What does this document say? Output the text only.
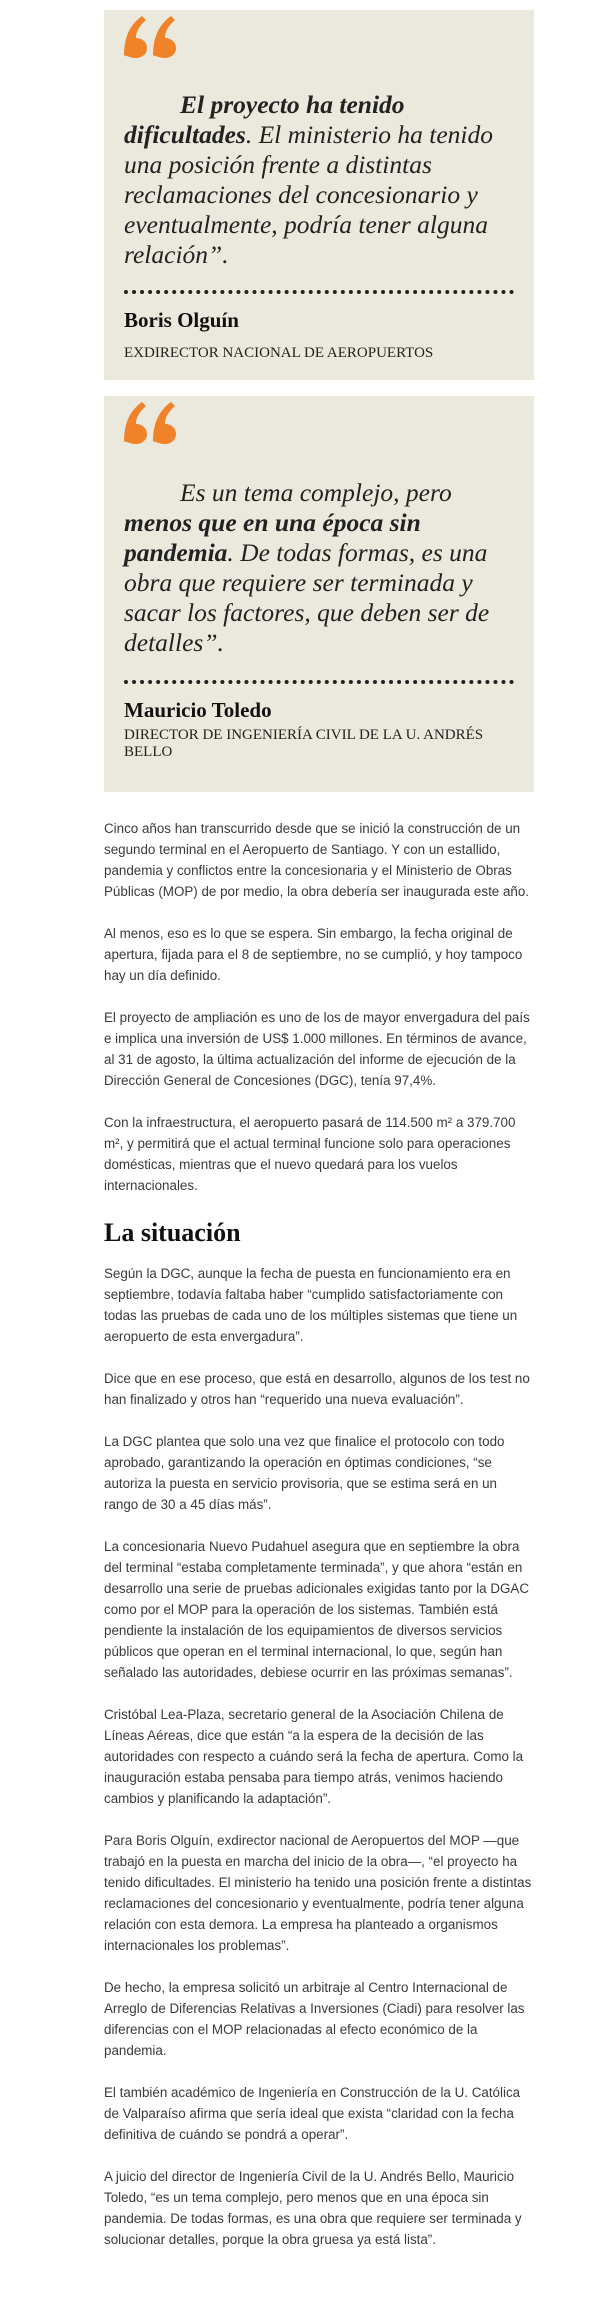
El proyecto ha tenido dificultades. El ministerio ha tenido una posición frente a distintas reclamaciones del concesionario y eventualmente, podría tener alguna relación”.

Boris Olguín

EXDIRECTOR NACIONAL DE AEROPUERTOS

Es un tema complejo, pero menos que en una época sin pandemia. De todas formas, es una obra que requiere ser terminada y sacar los factores, que deben ser de detalles”.

Mauricio Toledo

DIRECTOR DE INGENIERÍA CIVIL DE LA U. ANDRÉS BELLO

Cinco años han transcurrido desde que se inició la construcción de un segundo terminal en el Aeropuerto de Santiago. Y con un estallido, pandemia y conflictos entre la concesionaria y el Ministerio de Obras Públicas (MOP) de por medio, la obra debería ser inaugurada este año.

Al menos, eso es lo que se espera. Sin embargo, la fecha original de apertura, fijada para el 8 de septiembre, no se cumplió, y hoy tampoco hay un día definido.

El proyecto de ampliación es uno de los de mayor envergadura del país e implica una inversión de US$ 1.000 millones. En términos de avance, al 31 de agosto, la última actualización del informe de ejecución de la Dirección General de Concesiones (DGC), tenía 97,4%.

Con la infraestructura, el aeropuerto pasará de 114.500 m² a 379.700 m², y permitirá que el actual terminal funcione solo para operaciones domésticas, mientras que el nuevo quedará para los vuelos internacionales.

La situación

Según la DGC, aunque la fecha de puesta en funcionamiento era en septiembre, todavía faltaba haber “cumplido satisfactoriamente con todas las pruebas de cada uno de los múltiples sistemas que tiene un aeropuerto de esta envergadura”.

Dice que en ese proceso, que está en desarrollo, algunos de los test no han finalizado y otros han “requerido una nueva evaluación”.

La DGC plantea que solo una vez que finalice el protocolo con todo aprobado, garantizando la operación en óptimas condiciones, “se autoriza la puesta en servicio provisoria, que se estima será en un rango de 30 a 45 días más”.

La concesionaria Nuevo Pudahuel asegura que en septiembre la obra del terminal “estaba completamente terminada”, y que ahora “están en desarrollo una serie de pruebas adicionales exigidas tanto por la DGAC como por el MOP para la operación de los sistemas. También está pendiente la instalación de los equipamientos de diversos servicios públicos que operan en el terminal internacional, lo que, según han señalado las autoridades, debiese ocurrir en las próximas semanas”.

Cristóbal Lea-Plaza, secretario general de la Asociación Chilena de Líneas Aéreas, dice que están “a la espera de la decisión de las autoridades con respecto a cuándo será la fecha de apertura. Como la inauguración estaba pensaba para tiempo atrás, venimos haciendo cambios y planificando la adaptación”.

Para Boris Olguín, exdirector nacional de Aeropuertos del MOP —que trabajó en la puesta en marcha del inicio de la obra—, “el proyecto ha tenido dificultades. El ministerio ha tenido una posición frente a distintas reclamaciones del concesionario y eventualmente, podría tener alguna relación con esta demora. La empresa ha planteado a organismos internacionales los problemas”.

De hecho, la empresa solicitó un arbitraje al Centro Internacional de Arreglo de Diferencias Relativas a Inversiones (Ciadi) para resolver las diferencias con el MOP relacionadas al efecto económico de la pandemia.

El también académico de Ingeniería en Construcción de la U. Católica de Valparaíso afirma que sería ideal que exista “claridad con la fecha definitiva de cuándo se pondrá a operar”.

A juicio del director de Ingeniería Civil de la U. Andrés Bello, Mauricio Toledo, “es un tema complejo, pero menos que en una época sin pandemia. De todas formas, es una obra que requiere ser terminada y solucionar detalles, porque la obra gruesa ya está lista”.
